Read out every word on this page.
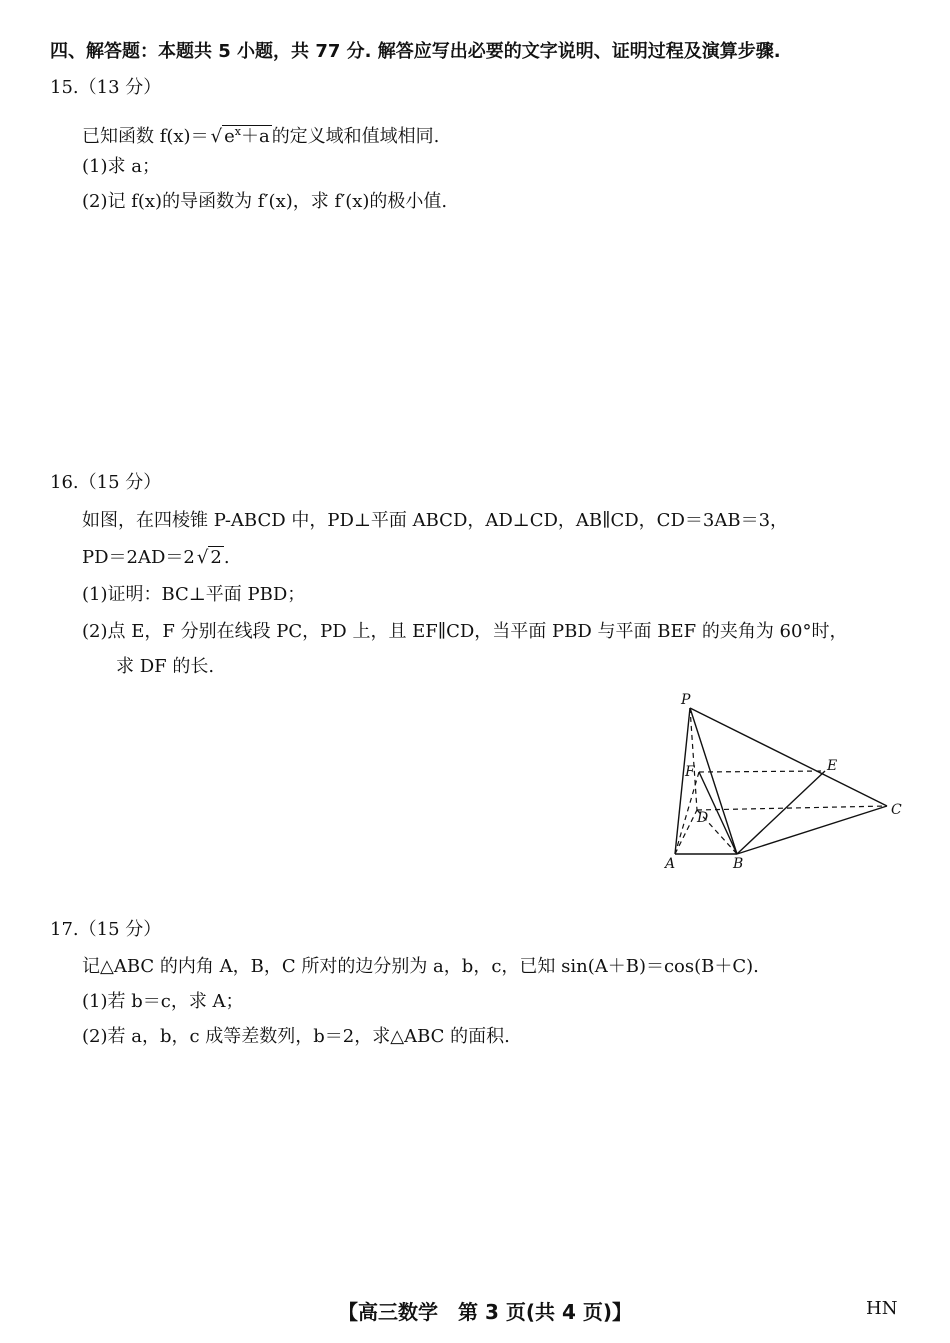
四、解答题：本题共 5 小题，共 77 分. 解答应写出必要的文字说明、证明过程及演算步骤.
15.（13 分）
已知函数 f(x)＝ √ $e^x+a$ 的定义域和值域相同.
(1)求 a；
(2)记 f(x)的导函数为 f′(x)，求 f′(x)的极小值.
16.（15 分）
如图，在四棱锥 P-ABCD 中，PD⊥平面 ABCD，AD⊥CD，AB∥CD，CD＝3AB＝3，
PD＝2AD＝2 √ 2 .
(1)证明：BC⊥平面 PBD；
(2)点 E，F 分别在线段 PC，PD 上，且 EF∥CD，当平面 PBD 与平面 BEF 的夹角为 60°时，
求 DF 的长.
P
F
D
E
C
A	B
17.（15 分）
记△ABC 的内角 A，B，C 所对的边分别为 a，b，c，已知 sin(A＋B)＝cos(B＋C).
(1)若 b＝c，求 A；
(2)若 a，b，c 成等差数列，b＝2，求△ABC 的面积.
【高三数学　第 3 页(共 4 页)】	HN
